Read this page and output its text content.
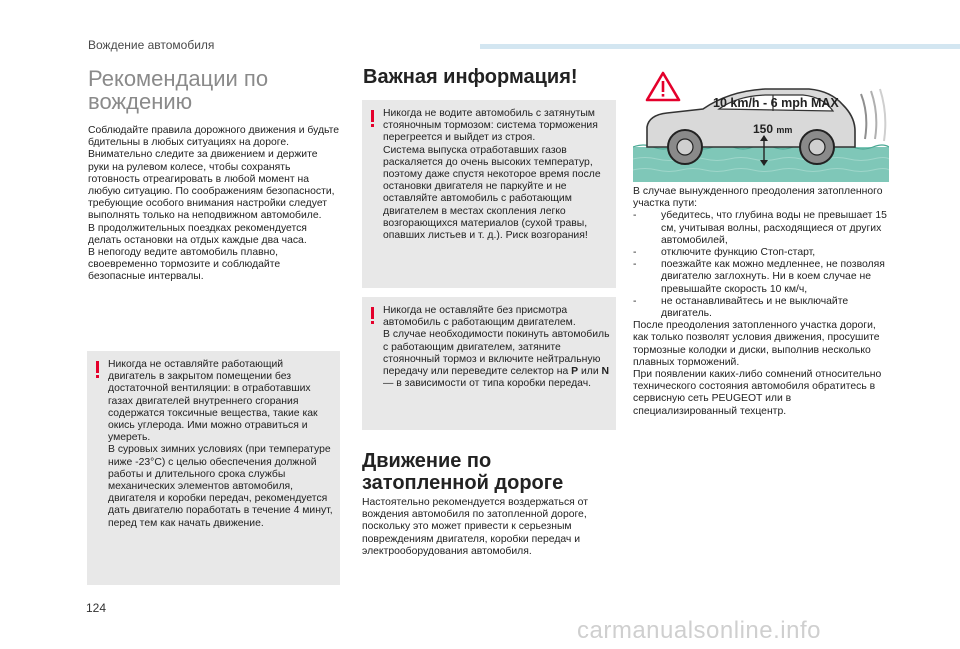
Вождение автомобиля
Рекомендации по вождению

Соблюдайте правила дорожного движения и будьте бдительны в любых ситуациях на дороге.

Внимательно следите за движением и держите руки на рулевом колесе, чтобы сохранять готовность отреагировать в любой момент на любую ситуацию. По соображениям безопасности, требующие особого внимания настройки следует выполнять только на неподвижном автомобиле.

В продолжительных поездках рекомендуется делать остановки на отдых каждые два часа.

В непогоду ведите автомобиль плавно, своевременно тормозите и соблюдайте безопасные интервалы.

Никогда не оставляйте работающий двигатель в закрытом помещении без достаточной вентиляции: в отработавших газах двигателей внутреннего сгорания содержатся токсичные вещества, такие как окись углерода. Ими можно отравиться и умереть.

В суровых зимних условиях (при температуре ниже -23°C) с целью обеспечения должной работы и длительного срока службы механических элементов автомобиля, двигателя и коробки передач, рекомендуется дать двигателю поработать в течение 4 минут, перед тем как начать движение.

Важная информация!

Никогда не водите автомобиль с затянутым стояночным тормозом: система торможения перегреется и выйдет из строя.

Система выпуска отработавших газов раскаляется до очень высоких температур, поэтому даже спустя некоторое время после остановки двигателя не паркуйте и не оставляйте автомобиль с работающим двигателем в местах скопления легко возгорающихся материалов (сухой травы, опавших листьев и т. д.). Риск возгорания!

Никогда не оставляйте без присмотра автомобиль с работающим двигателем.

В случае необходимости покинуть автомобиль с работающим двигателем, затяните стояночный тормоз и включите нейтральную передачу или переведите селектор на P или N — в зависимости от типа коробки передач.

Движение по затопленной дороге
Настоятельно рекомендуется воздержаться от вождения автомобиля по затопленной дороге, поскольку это может привести к серьезным повреждениям двигателя, коробки передач и электрооборудования автомобиля.
150 mm
10 km/h - 6 mph MAX

В случае вынужденного преодоления затопленного участка пути:

- убедитесь, что глубина воды не превышает 15 см, учитывая волны, расходящиеся от других автомобилей,
- отключите функцию Стоп-старт,
- поезжайте как можно медленнее, не позволяя двигателю заглохнуть. Ни в коем случае не превышайте скорость 10 км/ч,
- не останавливайтесь и не выключайте двигатель.

После преодоления затопленного участка дороги, как только позволят условия движения, просушите тормозные колодки и диски, выполнив несколько плавных торможений.

При появлении каких-либо сомнений относительно технического состояния автомобиля обратитесь в сервисную сеть PEUGEOT или в специализированный техцентр.

124
carmanualsonline.info
